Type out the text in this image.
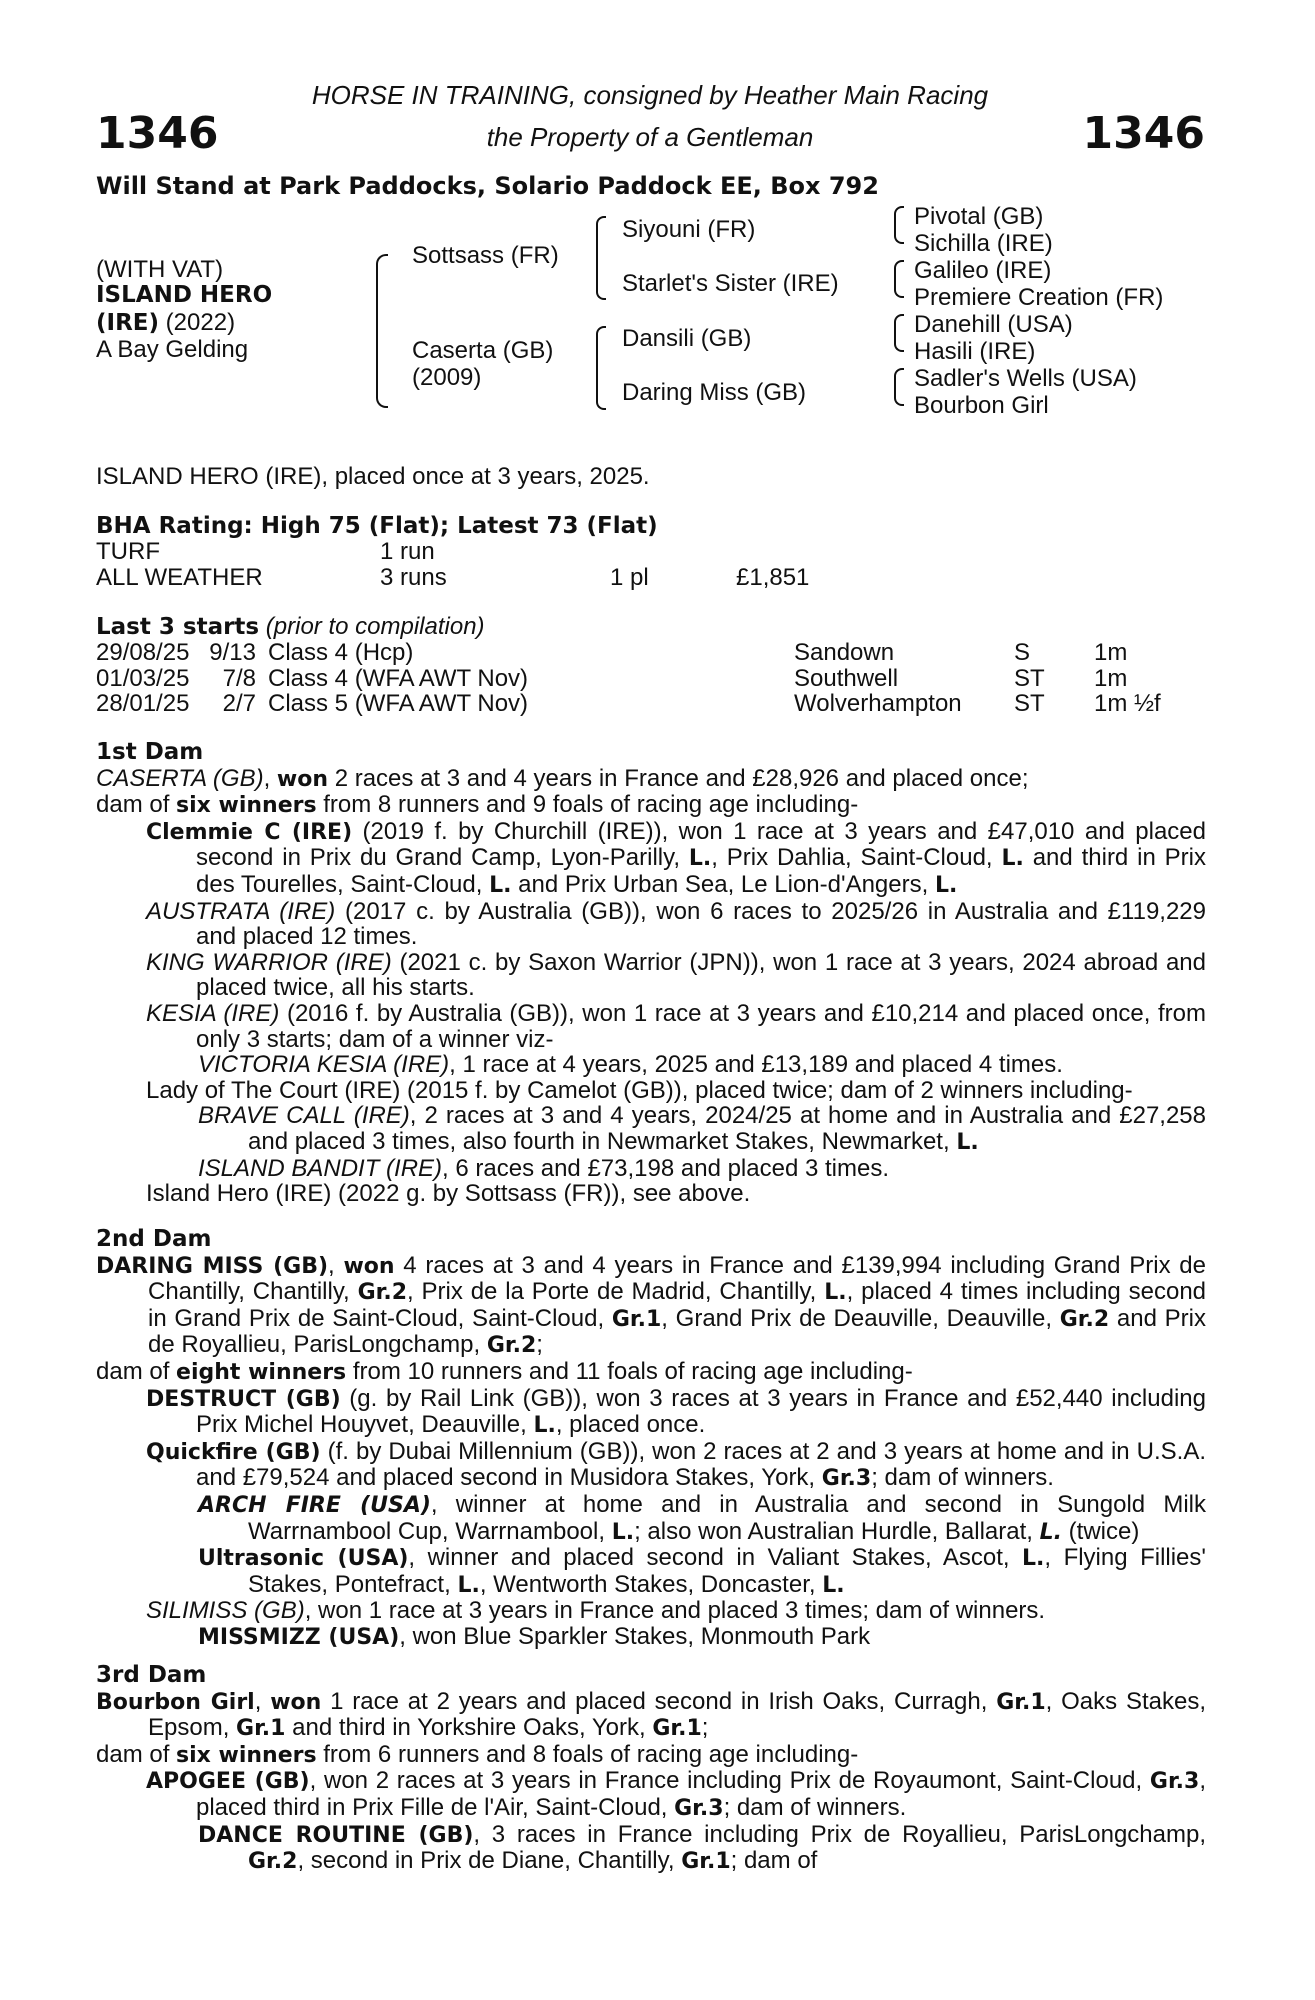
1346	1346
HORSE IN TRAINING, consigned by Heather Main Racing
the Property of a Gentleman
Will Stand at Park Paddocks, Solario Paddock EE, Box 792
(WITH VAT)
ISLAND HERO
(IRE) (2022)
A Bay Gelding
Sottsass (FR)
Caserta (GB)
(2009)
Siyouni (FR)
Starlet's Sister (IRE)
Dansili (GB)
Daring Miss (GB)
Pivotal (GB)
Sichilla (IRE)
Galileo (IRE)
Premiere Creation (FR)
Danehill (USA)
Hasili (IRE)
Sadler's Wells (USA)
Bourbon Girl
ISLAND HERO (IRE), placed once at 3 years, 2025.
BHA Rating: High 75 (Flat); Latest 73 (Flat)
TURF	1 run
ALL WEATHER	3 runs	1 pl	£1,851
Last 3 starts (prior to compilation)
29/08/25 9/13 Class 4 (Hcp)	Sandown	S	1m
01/03/25	7/8 Class 4 (WFA AWT Nov)	Southwell	ST	1m
28/01/25	2/7 Class 5 (WFA AWT Nov)	Wolverhampton	ST	1m ½f

1st Dam

CASERTA (GB), won 2 races at 3 and 4 years in France and £28,926 and placed once;

dam of six winners from 8 runners and 9 foals of racing age including-

Clemmie C (IRE) (2019 f. by Churchill (IRE)), won 1 race at 3 years and £47,010 and placed second in Prix du Grand Camp, Lyon-Parilly, L., Prix Dahlia, Saint-Cloud, L. and third in Prix des Tourelles, Saint-Cloud, L. and Prix Urban Sea, Le Lion-d'Angers, L.

AUSTRATA (IRE) (2017 c. by Australia (GB)), won 6 races to 2025/26 in Australia and £119,229 and placed 12 times.

KING WARRIOR (IRE) (2021 c. by Saxon Warrior (JPN)), won 1 race at 3 years, 2024 abroad and placed twice, all his starts.

KESIA (IRE) (2016 f. by Australia (GB)), won 1 race at 3 years and £10,214 and placed once, from only 3 starts; dam of a winner viz-

VICTORIA KESIA (IRE), 1 race at 4 years, 2025 and £13,189 and placed 4 times.

Lady of The Court (IRE) (2015 f. by Camelot (GB)), placed twice; dam of 2 winners including-

BRAVE CALL (IRE), 2 races at 3 and 4 years, 2024/25 at home and in Australia and £27,258 and placed 3 times, also fourth in Newmarket Stakes, Newmarket, L.

ISLAND BANDIT (IRE), 6 races and £73,198 and placed 3 times.

Island Hero (IRE) (2022 g. by Sottsass (FR)), see above.

2nd Dam

DARING MISS (GB), won 4 races at 3 and 4 years in France and £139,994 including Grand Prix de Chantilly, Chantilly, Gr.2, Prix de la Porte de Madrid, Chantilly, L., placed 4 times including second in Grand Prix de Saint-Cloud, Saint-Cloud, Gr.1, Grand Prix de Deauville, Deauville, Gr.2 and Prix de Royallieu, ParisLongchamp, Gr.2;

dam of eight winners from 10 runners and 11 foals of racing age including-

DESTRUCT (GB) (g. by Rail Link (GB)), won 3 races at 3 years in France and £52,440 including Prix Michel Houyvet, Deauville, L., placed once.

Quickfire (GB) (f. by Dubai Millennium (GB)), won 2 races at 2 and 3 years at home and in U.S.A. and £79,524 and placed second in Musidora Stakes, York, Gr.3; dam of winners.

ARCH FIRE (USA), winner at home and in Australia and second in Sungold Milk Warrnambool Cup, Warrnambool, L.; also won Australian Hurdle, Ballarat, L. (twice)

Ultrasonic (USA), winner and placed second in Valiant Stakes, Ascot, L., Flying Fillies' Stakes, Pontefract, L., Wentworth Stakes, Doncaster, L.

SILIMISS (GB), won 1 race at 3 years in France and placed 3 times; dam of winners.

MISSMIZZ (USA), won Blue Sparkler Stakes, Monmouth Park

3rd Dam

Bourbon Girl, won 1 race at 2 years and placed second in Irish Oaks, Curragh, Gr.1, Oaks Stakes, Epsom, Gr.1 and third in Yorkshire Oaks, York, Gr.1;

dam of six winners from 6 runners and 8 foals of racing age including-

APOGEE (GB), won 2 races at 3 years in France including Prix de Royaumont, Saint-Cloud, Gr.3, placed third in Prix Fille de l'Air, Saint-Cloud, Gr.3; dam of winners.

DANCE ROUTINE (GB), 3 races in France including Prix de Royallieu, ParisLongchamp, Gr.2, second in Prix de Diane, Chantilly, Gr.1; dam of
